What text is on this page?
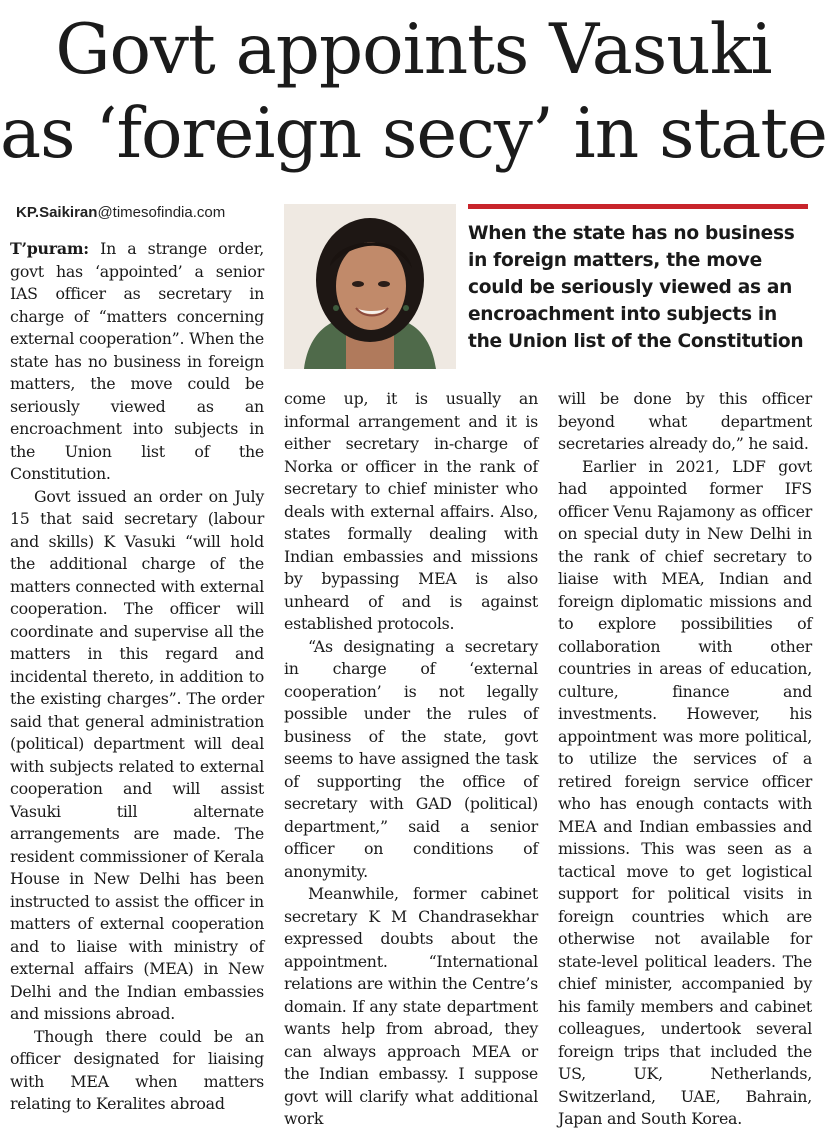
Govt appoints Vasuki
as ‘foreign secy’ in state
KP.Saikiran@timesofindia.com
When the state has no business in foreign matters, the move could be seriously viewed as an encroachment into subjects in the Union list of the Constitution

T’puram: In a strange order, govt has ‘appointed’ a senior IAS officer as secretary in charge of “matters concerning external cooperation”. When the state has no business in foreign matters, the move could be seriously viewed as an encroachment into subjects in the Union list of the Constitution.

Govt issued an order on July 15 that said secretary (labour and skills) K Vasuki “will hold the additional charge of the matters connected with external cooperation. The officer will coordinate and supervise all the matters in this regard and incidental thereto, in addition to the existing charges”. The order said that general administration (political) department will deal with subjects related to external cooperation and will assist Vasuki till alternate arrangements are made. The resident commissioner of Kerala House in New Delhi has been instructed to assist the officer in matters of external cooperation and to liaise with ministry of external affairs (MEA) in New Delhi and the Indian embassies and missions abroad.

Though there could be an officer designated for liaising with MEA when matters relating to Keralites abroad

come up, it is usually an informal arrangement and it is either secretary in-charge of Norka or officer in the rank of secretary to chief minister who deals with external affairs. Also, states formally dealing with Indian embassies and missions by bypassing MEA is also unheard of and is against established protocols.

“As designating a secretary in charge of ‘external cooperation’ is not legally possible under the rules of business of the state, govt seems to have assigned the task of supporting the office of secretary with GAD (political) department,” said a senior officer on conditions of anonymity.

Meanwhile, former cabinet secretary K M Chandrasekhar expressed doubts about the appointment. “International relations are within the Centre’s domain. If any state department wants help from abroad, they can always approach MEA or the Indian embassy. I suppose govt will clarify what additional work

will be done by this officer beyond what department secretaries already do,” he said.

Earlier in 2021, LDF govt had appointed former IFS officer Venu Rajamony as officer on special duty in New Delhi in the rank of chief secretary to liaise with MEA, Indian and foreign diplomatic missions and to explore possibilities of collaboration with other countries in areas of education, culture, finance and investments. However, his appointment was more political, to utilize the services of a retired foreign service officer who has enough contacts with MEA and Indian embassies and missions. This was seen as a tactical move to get logistical support for political visits in foreign countries which are otherwise not available for state-level political leaders. The chief minister, accompanied by his family members and cabinet colleagues, undertook several foreign trips that included the US, UK, Netherlands, Switzerland, UAE, Bahrain, Japan and South Korea.
